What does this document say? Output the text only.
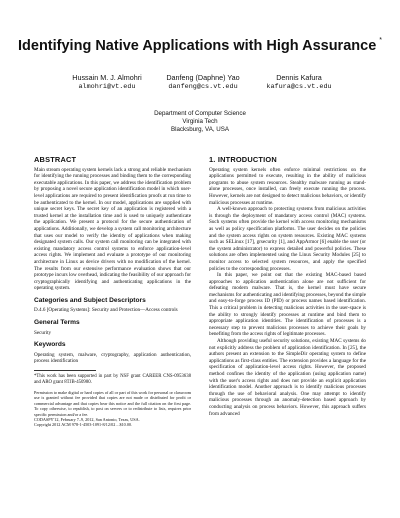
Identifying Native Applications with High Assurance *
Hussain M. J. Almohri
almohri@vt.edu
Danfeng (Daphne) Yao
danfeng@cs.vt.edu
Dennis Kafura
kafura@cs.vt.edu
Department of Computer Science
Virginia Tech
Blacksburg, VA, USA
ABSTRACT

Main stream operating system kernels lack a strong and reliable mechanism for identifying the running processes and binding them to the corresponding executable applications. In this paper, we address the identification problem by proposing a novel secure application identification model in which user-level applications are required to present identification proofs at run time to be authenticated to the kernel. In our model, applications are supplied with unique secret keys. The secret key of an application is registered with a trusted kernel at the installation time and is used to uniquely authenticate the application. We present a protocol for the secure authentication of applications. Additionally, we develop a system call monitoring architecture that uses our model to verify the identity of applications when making designated system calls. Our system call monitoring can be integrated with existing mandatory access control systems to enforce application-level access rights. We implement and evaluate a prototype of our monitoring architecture in Linux as device drivers with no modification of the kernel. The results from our extensive performance evaluation shows that our prototype incurs low overhead, indicating the feasibility of our approach for cryptographically identifying and authenticating applications in the operating system.

Categories and Subject Descriptors

D.4.6 [Operating Systems]: Security and Protection—Access controls

General Terms

Security

Keywords

Operating system, malware, cryptography, application authentication, process identification

*This work has been supported in part by NSF grant CAREER CNS-0953638 and ARO grant 8TJB-450980.
Permission to make digital or hard copies of all or part of this work for personal or classroom use is granted without fee provided that copies are not made or distributed for profit or commercial advantage and that copies bear this notice and the full citation on the first page. To copy otherwise, to republish, to post on servers or to redistribute to lists, requires prior specific permission and/or a fee.
CODASPY'12, February 7–9, 2012, San Antonio, Texas, USA.
Copyright 2012 ACM 978-1-4503-1091-8/12/02 ...$10.00.
1. INTRODUCTION

Operating system kernels often enforce minimal restrictions on the applications permitted to execute, resulting in the ability of malicious programs to abuse system resources. Stealthy malware running as stand-alone processes, once installed, can freely execute running the process. However, kernels are not designed to detect malicious behaviors, or identify malicious processes at runtime.

A well-known approach to protecting systems from malicious activities is through the deployment of mandatory access control (MAC) systems. Such systems often provide the kernel with access monitoring mechanisms as well as policy specification platforms. The user decides on the policies and the system access rights on system resources. Existing MAC systems such as SELinux [17], grsecurity [1], and AppArmor [6] enable the user (or the system administrator) to express detailed and powerful policies. These solutions are often implemented using the Linux Security Modules [25] to monitor access to selected system resources, and apply the specified policies to the corresponding processes.

In this paper, we point out that the existing MAC-based based approaches to application authentication alone are not sufficient for defeating modern malware. That is, the kernel must have secure mechanisms for authenticating and identifying processes, beyond the simple and easy-to-forge process ID (PID) or process names based identification. This a critical problem in detecting malicious activities in the user-space is the ability to strongly identify processes at runtime and bind them to appropriate application identities. The identification of processes is a necessary step to prevent malicious processes to achieve their goals by benefiting from the access rights of legitimate processes.

Although providing useful security solutions, existing MAC systems do not explicitly address the problem of application identification. In [25], the authors present an extension to the SimpleDir operating system to define applications as first-class entities. The extension provides a language for the specification of application-level access rights. However, the proposed method confines the identity of the application (using application name) with the user's access rights and does not provide an explicit application identification model. Another approach is to identify malicious processes through the use of behavioral analysis. One may attempt to identify malicious processes through an anomaly-detection based approach by conducting analysis on process behaviors. However, this approach suffers from advanced
